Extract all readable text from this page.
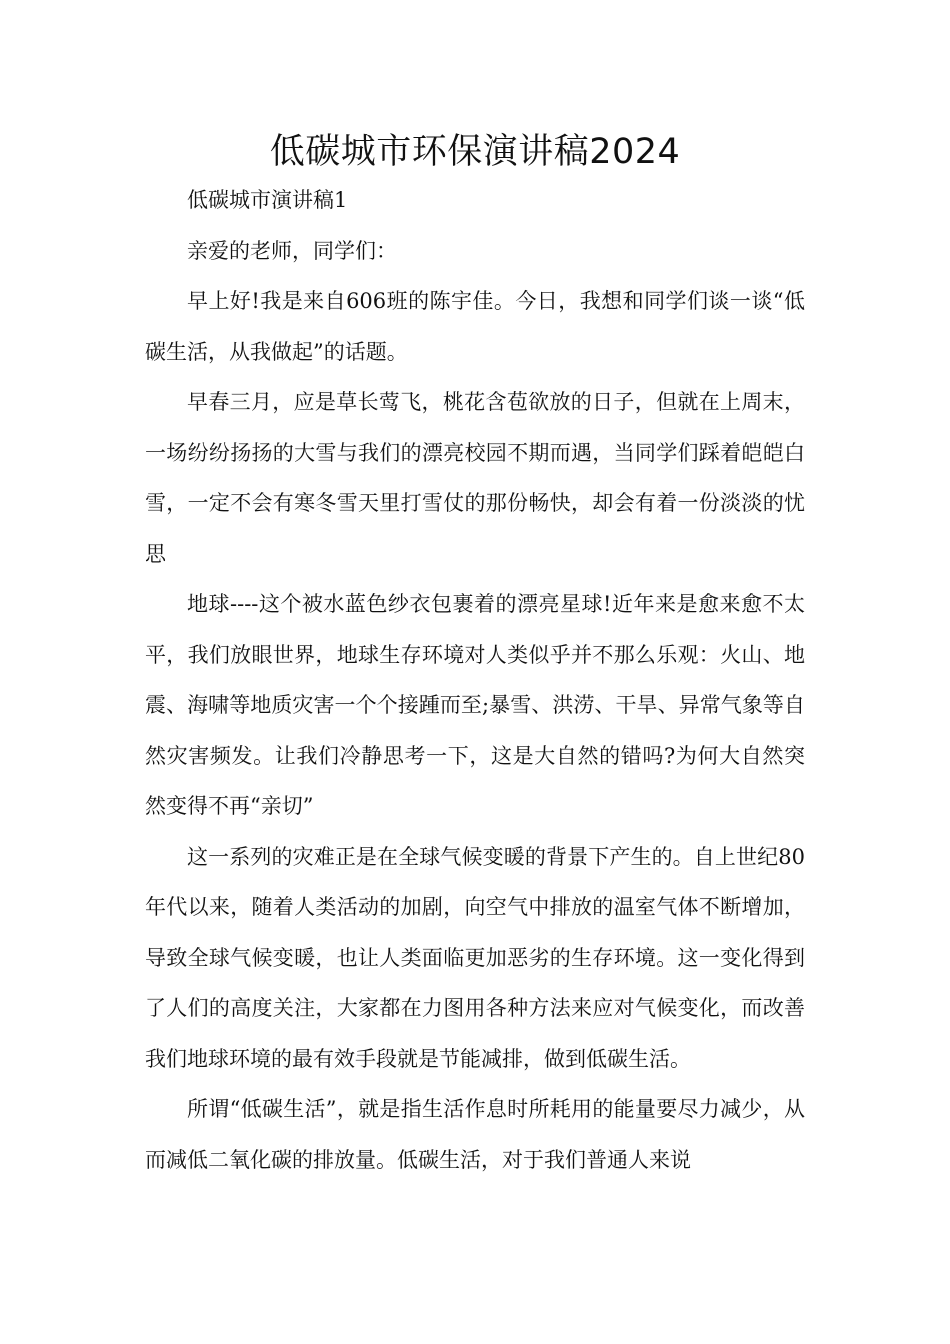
低碳城市环保演讲稿2024

低碳城市演讲稿1

亲爱的老师，同学们：

早上好!我是来自606班的陈宇佳。今日，我想和同学们谈一谈“低碳生活，从我做起”的话题。

早春三月，应是草长莺飞，桃花含苞欲放的日子，但就在上周末，一场纷纷扬扬的大雪与我们的漂亮校园不期而遇，当同学们踩着皑皑白雪，一定不会有寒冬雪天里打雪仗的那份畅快，却会有着一份淡淡的忧思

地球----这个被水蓝色纱衣包裹着的漂亮星球!近年来是愈来愈不太平，我们放眼世界，地球生存环境对人类似乎并不那么乐观：火山、地震、海啸等地质灾害一个个接踵而至;暴雪、洪涝、干旱、异常气象等自然灾害频发。让我们冷静思考一下，这是大自然的错吗?为何大自然突然变得不再“亲切”

这一系列的灾难正是在全球气候变暖的背景下产生的。自上世纪80年代以来，随着人类活动的加剧，向空气中排放的温室气体不断增加，导致全球气候变暖，也让人类面临更加恶劣的生存环境。这一变化得到了人们的高度关注，大家都在力图用各种方法来应对气候变化，而改善我们地球环境的最有效手段就是节能减排，做到低碳生活。

所谓“低碳生活”，就是指生活作息时所耗用的能量要尽力减少，从而减低二氧化碳的排放量。低碳生活，对于我们普通人来说
